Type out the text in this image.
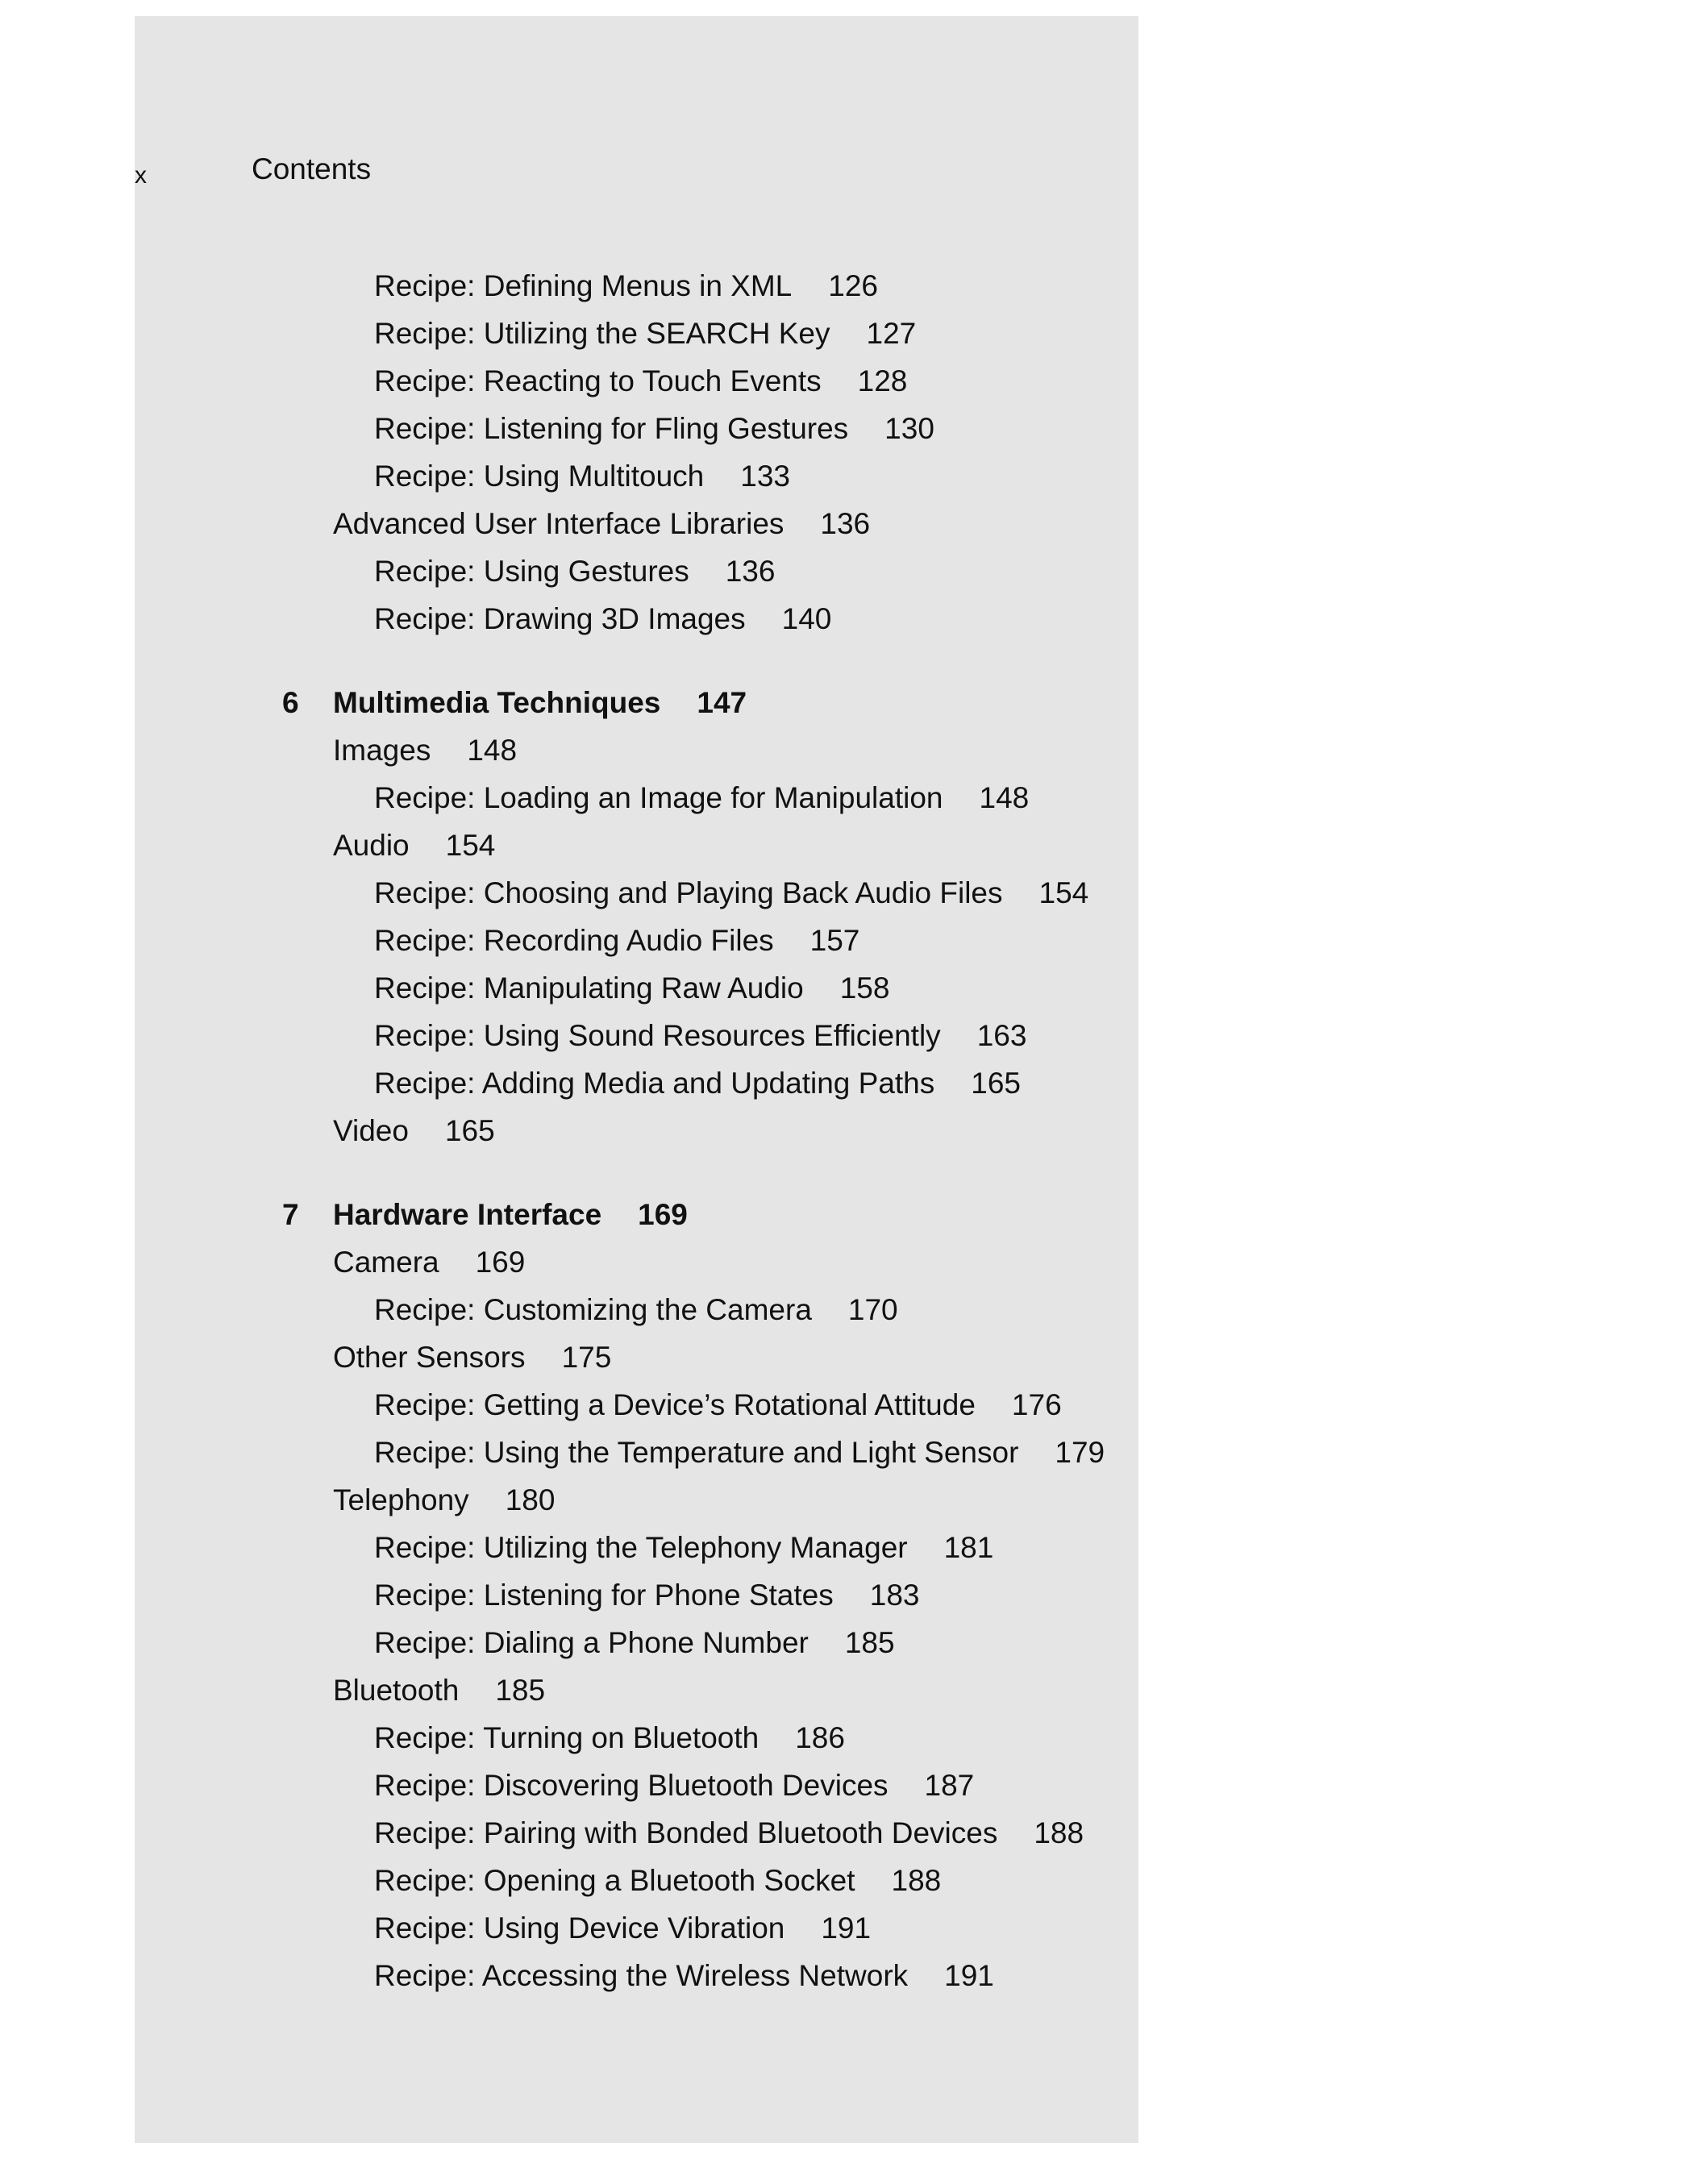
x	Contents
Recipe: Defining Menus in XML 126
Recipe: Utilizing the SEARCH Key 127
Recipe: Reacting to Touch Events 128
Recipe: Listening for Fling Gestures 130
Recipe: Using Multitouch 133
Advanced User Interface Libraries 136
Recipe: Using Gestures 136
Recipe: Drawing 3D Images 140
6	Multimedia Techniques 147
Images 148
Recipe: Loading an Image for Manipulation 148
Audio 154
Recipe: Choosing and Playing Back Audio Files 154
Recipe: Recording Audio Files 157
Recipe: Manipulating Raw Audio 158
Recipe: Using Sound Resources Efficiently 163
Recipe: Adding Media and Updating Paths 165
Video 165
7	Hardware Interface 169
Camera 169
Recipe: Customizing the Camera 170
Other Sensors 175
Recipe: Getting a Device’s Rotational Attitude 176
Recipe: Using the Temperature and Light Sensor 179
Telephony 180
Recipe: Utilizing the Telephony Manager 181
Recipe: Listening for Phone States 183
Recipe: Dialing a Phone Number 185
Bluetooth 185
Recipe: Turning on Bluetooth 186
Recipe: Discovering Bluetooth Devices 187
Recipe: Pairing with Bonded Bluetooth Devices 188
Recipe: Opening a Bluetooth Socket 188
Recipe: Using Device Vibration 191
Recipe: Accessing the Wireless Network 191
